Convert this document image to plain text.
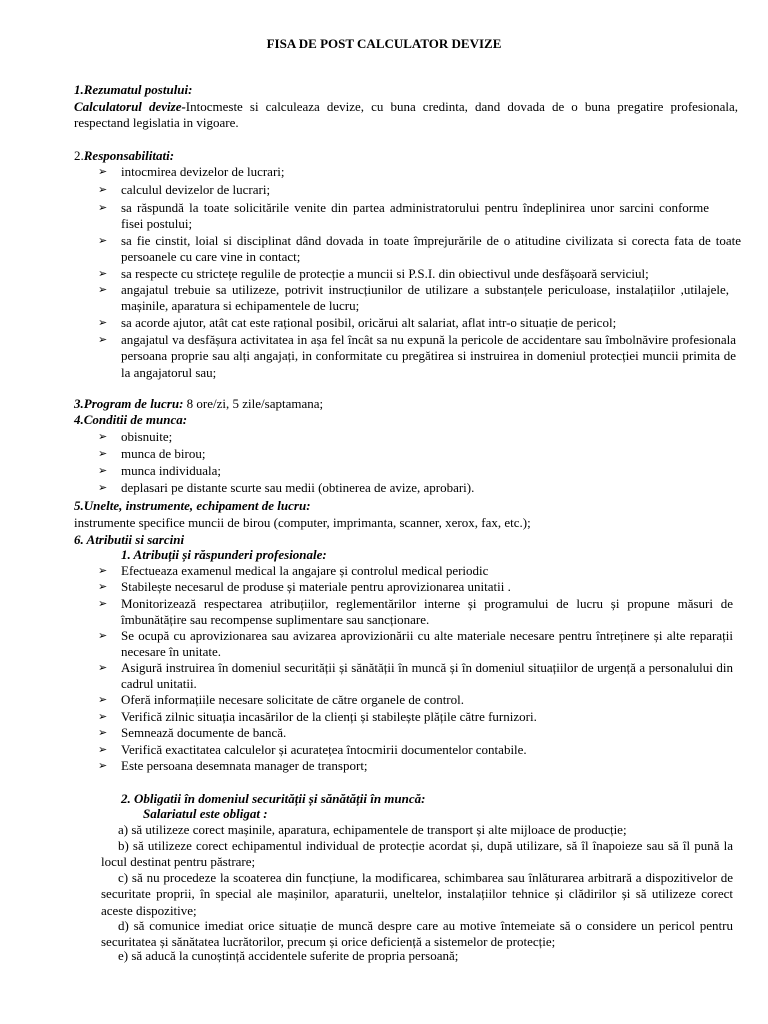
FISA DE POST CALCULATOR DEVIZE
1.Rezumatul postului:
Calculatorul devize-Intocmeste si calculeaza devize, cu buna credinta, dand dovada de o buna pregatire profesionala, respectand legislatia in vigoare.
2.Responsabilitati:
➢ intocmirea devizelor de lucrari;
➢ calculul devizelor de lucrari;
➢ sa răspundă la toate solicitările venite din partea administratorului pentru îndeplinirea unor sarcini conforme fisei postului;
➢ sa fie cinstit, loial si disciplinat dând dovada in toate împrejurările de o atitudine civilizata si corecta fata de toate persoanele cu care vine in contact;
➢ sa respecte cu strictețe regulile de protecție a muncii si P.S.I. din obiectivul unde desfășoară serviciul;
➢ angajatul trebuie sa utilizeze, potrivit instrucțiunilor de utilizare a substanțele periculoase, instalațiilor ,utilajele, mașinile, aparatura si echipamentele de lucru;
➢ sa acorde ajutor, atât cat este rațional posibil, oricărui alt salariat, aflat intr-o situație de pericol;
➢ angajatul va desfășura activitatea in așa fel încât sa nu expună la pericole de accidentare sau îmbolnăvire profesionala persoana proprie sau alți angajați, in conformitate cu pregătirea si instruirea in domeniul protecției muncii primita de la angajatorul sau;
3.Program de lucru: 8 ore/zi, 5 zile/saptamana;
4.Conditii de munca:
➢ obisnuite;
➢ munca de birou;
➢ munca individuala;
➢ deplasari pe distante scurte sau medii (obtinerea de avize, aprobari).
5.Unelte, instrumente, echipament de lucru:
instrumente specifice muncii de birou (computer, imprimanta, scanner, xerox, fax, etc.);
6. Atributii si sarcini
1. Atribuții și răspunderi profesionale:
➢ Efectueaza examenul medical la angajare și controlul medical periodic
➢ Stabilește necesarul de produse și materiale pentru aprovizionarea unitatii .
➢ Monitorizează respectarea atribuțiilor, reglementărilor interne și programului de lucru și propune măsuri de îmbunătățire sau recompense suplimentare sau sancționare.
➢ Se ocupă cu aprovizionarea sau avizarea aprovizionării cu alte materiale necesare pentru întreținere și alte reparații necesare în unitate.
➢ Asigură instruirea în domeniul securității și sănătății în muncă și în domeniul situațiilor de urgență a personalului din cadrul unitatii.
➢ Oferă informațiile necesare solicitate de către organele de control.
➢ Verifică zilnic situația incasărilor de la clienți și stabilește plățile către furnizori.
➢ Semnează documente de bancă.
➢ Verifică exactitatea calculelor și acuratețea întocmirii documentelor contabile.
➢ Este persoana desemnata manager de transport;
2. Obligatii în domeniul securității și sănătății în muncă:
Salariatul este obligat :
a) să utilizeze corect mașinile, aparatura, echipamentele de transport și alte mijloace de producție;
b) să utilizeze corect echipamentul individual de protecție acordat și, după utilizare, să îl înapoieze sau să îl pună la locul destinat pentru păstrare;
c) să nu procedeze la scoaterea din funcțiune, la modificarea, schimbarea sau înlăturarea arbitrară a dispozitivelor de securitate proprii, în special ale mașinilor, aparaturii, uneltelor, instalațiilor tehnice și clădirilor și să utilizeze corect aceste dispozitive;
d) să comunice imediat orice situație de muncă despre care au motive întemeiate să o considere un pericol pentru securitatea și sănătatea lucrătorilor, precum și orice deficiență a sistemelor de protecție;
e) să aducă la cunoștință accidentele suferite de propria persoană;
